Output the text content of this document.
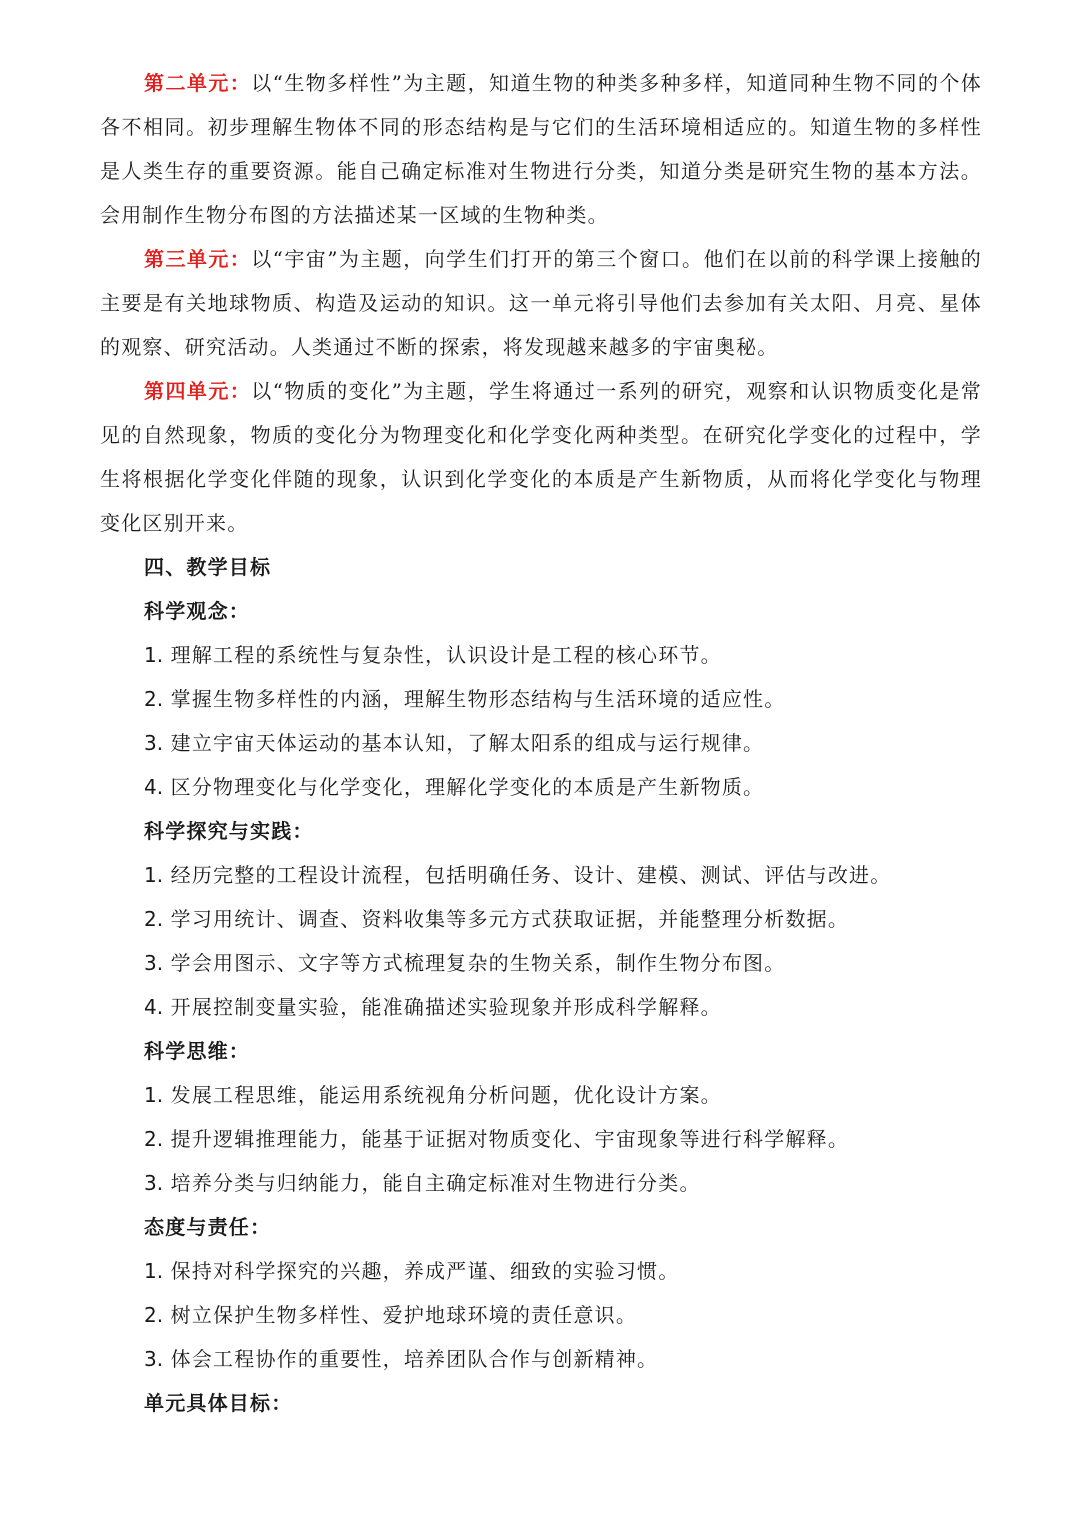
第二单元：以“生物多样性”为主题，知道生物的种类多种多样，知道同种生物不同的个体各不相同。初步理解生物体不同的形态结构是与它们的生活环境相适应的。知道生物的多样性是人类生存的重要资源。能自己确定标准对生物进行分类，知道分类是研究生物的基本方法。会用制作生物分布图的方法描述某一区域的生物种类。

第三单元：以“宇宙”为主题，向学生们打开的第三个窗口。他们在以前的科学课上接触的主要是有关地球物质、构造及运动的知识。这一单元将引导他们去参加有关太阳、月亮、星体的观察、研究活动。人类通过不断的探索，将发现越来越多的宇宙奥秘。

第四单元：以“物质的变化”为主题，学生将通过一系列的研究，观察和认识物质变化是常见的自然现象，物质的变化分为物理变化和化学变化两种类型。在研究化学变化的过程中，学生将根据化学变化伴随的现象，认识到化学变化的本质是产生新物质，从而将化学变化与物理变化区别开来。

四、教学目标

科学观念：

1. 理解工程的系统性与复杂性，认识设计是工程的核心环节。

2. 掌握生物多样性的内涵，理解生物形态结构与生活环境的适应性。

3. 建立宇宙天体运动的基本认知，了解太阳系的组成与运行规律。

4. 区分物理变化与化学变化，理解化学变化的本质是产生新物质。

科学探究与实践：

1. 经历完整的工程设计流程，包括明确任务、设计、建模、测试、评估与改进。

2. 学习用统计、调查、资料收集等多元方式获取证据，并能整理分析数据。

3. 学会用图示、文字等方式梳理复杂的生物关系，制作生物分布图。

4. 开展控制变量实验，能准确描述实验现象并形成科学解释。

科学思维：

1. 发展工程思维，能运用系统视角分析问题，优化设计方案。

2. 提升逻辑推理能力，能基于证据对物质变化、宇宙现象等进行科学解释。

3. 培养分类与归纳能力，能自主确定标准对生物进行分类。

态度与责任：

1. 保持对科学探究的兴趣，养成严谨、细致的实验习惯。

2. 树立保护生物多样性、爱护地球环境的责任意识。

3. 体会工程协作的重要性，培养团队合作与创新精神。

单元具体目标：
